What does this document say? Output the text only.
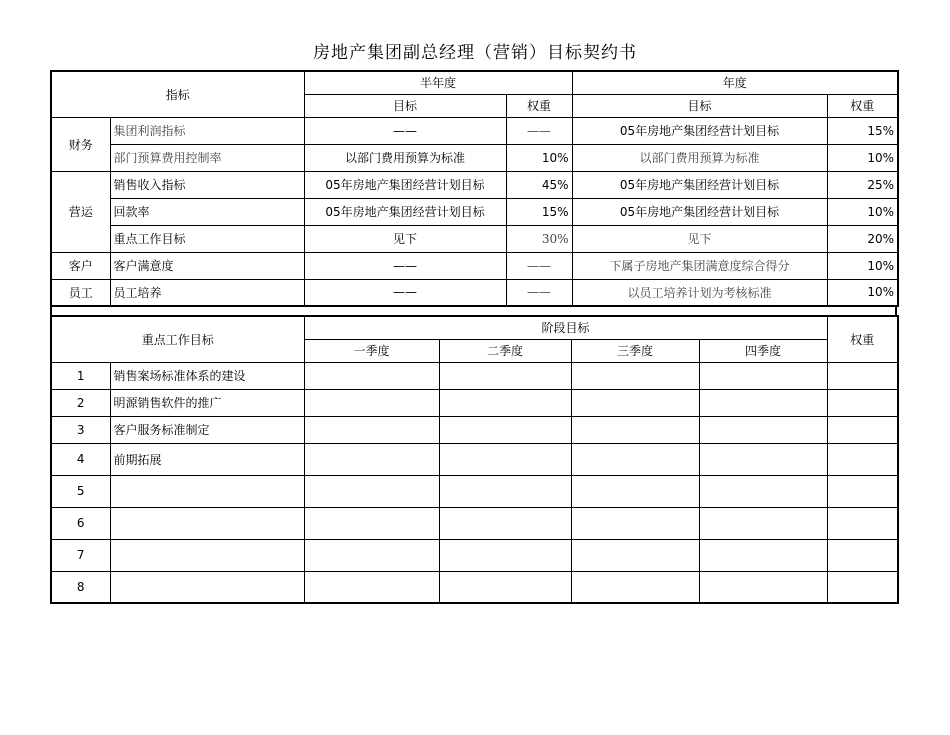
房地产集团副总经理（营销）目标契约书
指标		半年度		年度	
		目标	权重	目标	权重
财务	集团利润指标	——	——	05年房地产集团经营计划目标	15%
	部门预算费用控制率	以部门费用预算为标准	10%	以部门费用预算为标准	10%
营运	销售收入指标	05年房地产集团经营计划目标	45%	05年房地产集团经营计划目标	25%
	回款率	05年房地产集团经营计划目标	15%	05年房地产集团经营计划目标	10%
	重点工作目标	见下	30%	见下	20%
客户	客户满意度	——	——	下属子房地产集团满意度综合得分	10%
员工	员工培养	——	——	以员工培养计划为考核标准	10%
重点工作目标		阶段目标				权重
		一季度	二季度	三季度	四季度	
1	销售案场标准体系的建设					
2	明源销售软件的推广					
3	客户服务标准制定					
4	前期拓展					
5						
6						
7						
8						
